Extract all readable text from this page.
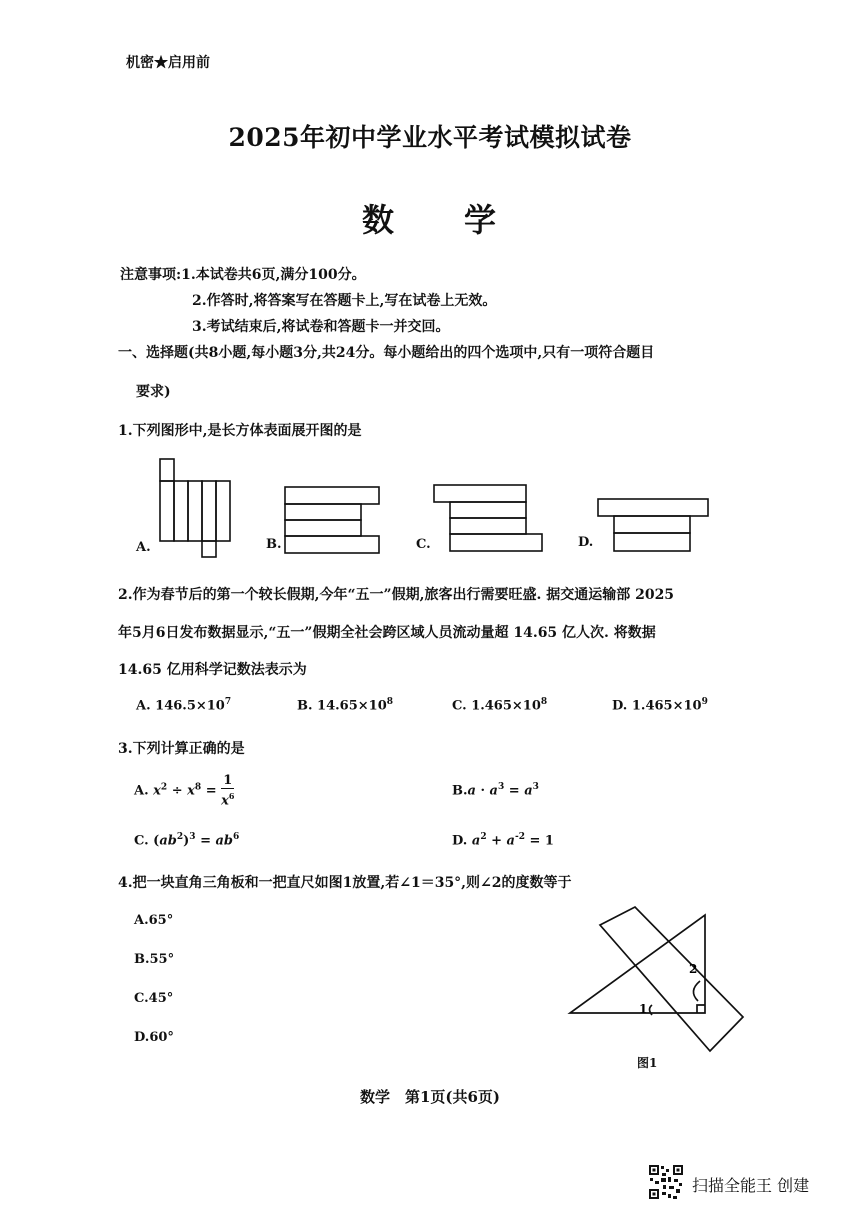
机密★启用前
2025年初中学业水平考试模拟试卷
数　　学
注意事项:1.本试卷共6页,满分100分。
2.作答时,将答案写在答题卡上,写在试卷上无效。
3.考试结束后,将试卷和答题卡一并交回。
一、选择题(共8小题,每小题3分,共24分。每小题给出的四个选项中,只有一项符合题目
要求)
1.下列图形中,是长方体表面展开图的是
A.	B.	C.	D.
2.作为春节后的第一个较长假期,今年“五一”假期,旅客出行需要旺盛. 据交通运输部 2025
年5月6日发布数据显示,“五一”假期全社会跨区域人员流动量超 14.65 亿人次. 将数据
14.65 亿用科学记数法表示为
A. $146.5\times 10^7$	B. $14.65\times 10^8$	C. $1.465\times 10^8$	D. $1.465\times 10^9$
3.下列计算正确的是
A. $x^2 \div x^8 = \frac{1}{x^6}$	$B.a \cdot a^3 = a^3$
C. $(ab^2)^3 = ab^6$	D. $a^2 + a^{-2} = 1$
4.把一块直角三角板和一把直尺如图1放置,若∠1＝35°,则∠2的度数等于
A.65°
B.55°
C.45°
D.60°
1
2
图1
数学　第1页(共6页)
扫描全能王 创建
